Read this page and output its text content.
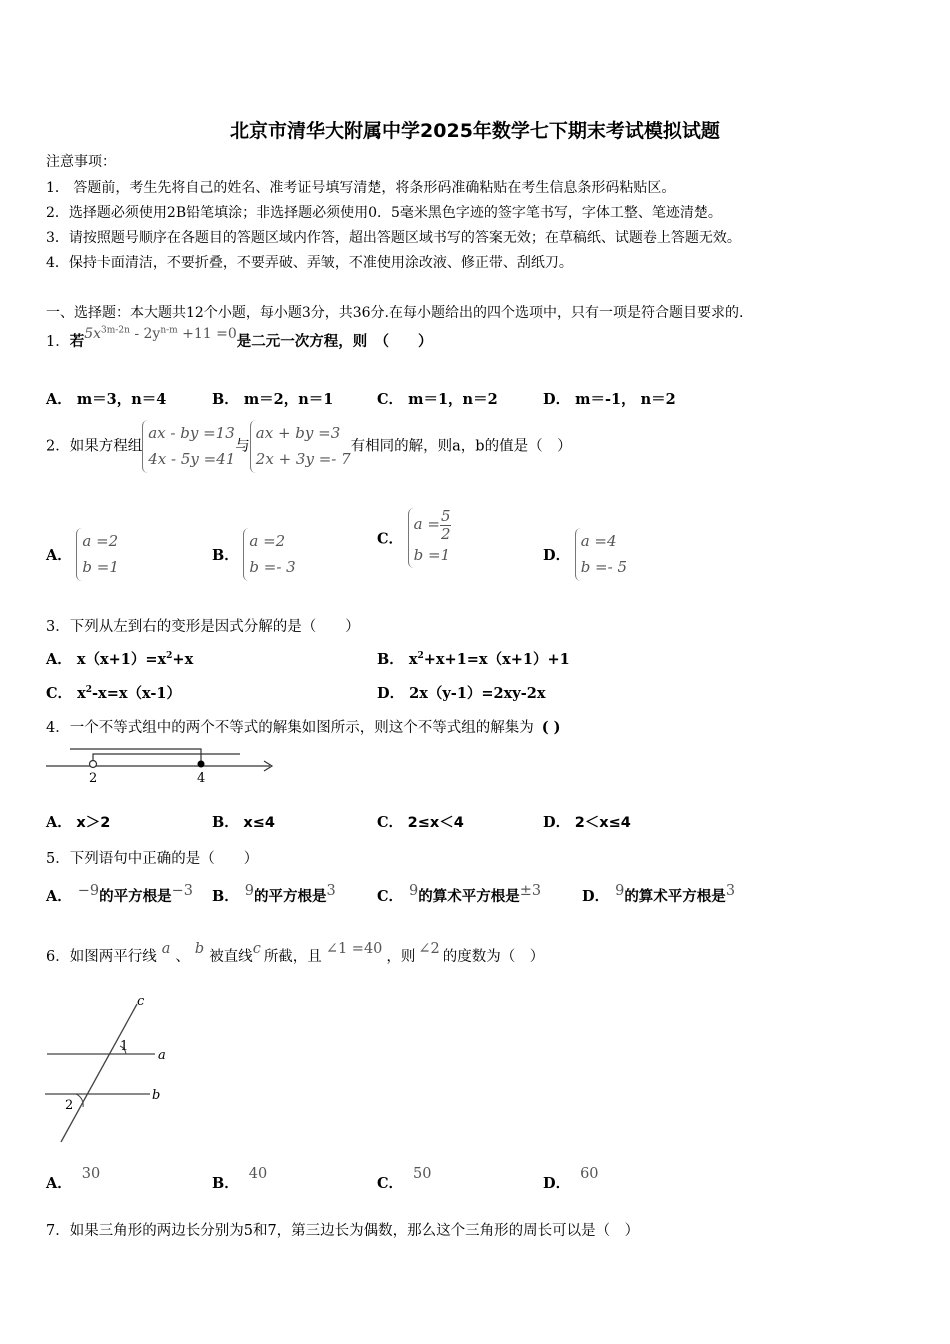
北京市清华大附属中学2025年数学七下期末考试模拟试题
注意事项：
1． 答题前，考生先将自己的姓名、准考证号填写清楚，将条形码准确粘贴在考生信息条形码粘贴区。
2．选择题必须使用2B铅笔填涂；非选择题必须使用0．5毫米黑色字迹的签字笔书写，字体工整、笔迹清楚。
3．请按照题号顺序在各题目的答题区域内作答，超出答题区域书写的答案无效；在草稿纸、试题卷上答题无效。
4．保持卡面清洁，不要折叠，不要弄破、弄皱，不准使用涂改液、修正带、刮纸刀。
一、选择题：本大题共12个小题，每小题3分，共36分.在每小题给出的四个选项中，只有一项是符合题目要求的.
1．若$5x^{3m-2n} - 2y^{n-m} +11 =0$是二元一次方程，则　（　　）
A． m＝3，n＝4	B． m＝2，n＝1	C． m＝1，n＝2	D． m＝-1， n＝2
2．如果方程组
ax - by =13
4x - 5y =41
与
ax + by =3
2x + 3y =- 7
有相同的解，则a，b的值是（　）
A．
a =2
b =1
B．
a =2
b =- 3
C．
$a = \frac{5}{2}$
b =1	D．
a =4
b =- 5
3．下列从左到右的变形是因式分解的是（　　）
A． $x(x+1)=x^2+x$	B． $x^2+x+1=x(x+1)+1$
C． $x^2-x=x(x-1)$	D． 2x（y-1）=2xy-2x
4．一个不等式组中的两个不等式的解集如图所示，则这个不等式组的解集为 ( )
2	4
A． x＞2	B． x≤4	C． 2≤x＜4	D． 2＜x≤4
5．下列语句中正确的是（　　）
A． −9的平方根是−3 B． 9的平方根是3	C． 9的算术平方根是±3	D． 9的算术平方根是3
6．如图两平行线 a 、 b 被直线c 所截，且 ∠1 =40 ，则 ∠2 的度数为（　）
c
a
b
1
2
A．30
B．40
C．50
D．60
7．如果三角形的两边长分别为5和7，第三边长为偶数，那么这个三角形的周长可以是（　）
